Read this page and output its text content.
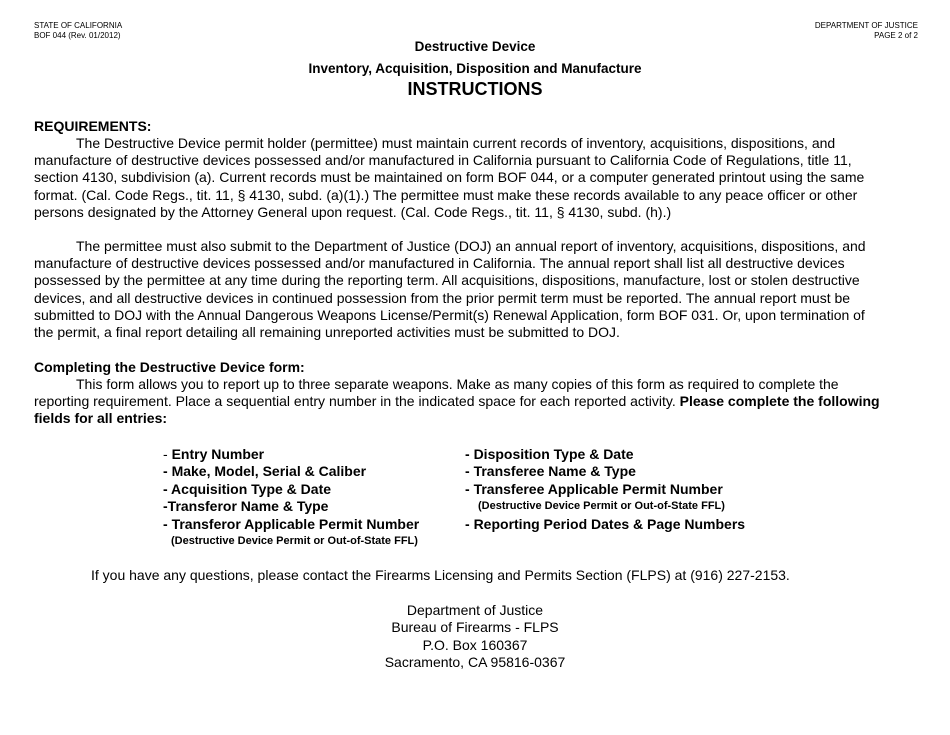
STATE OF CALIFORNIA
BOF 044 (Rev. 01/2012)
DEPARTMENT OF JUSTICE
PAGE 2 of 2
Destructive Device
Inventory, Acquisition, Disposition and Manufacture
INSTRUCTIONS
REQUIREMENTS:
The Destructive Device permit holder (permittee) must maintain current records of inventory, acquisitions, dispositions, and
manufacture of destructive devices possessed and/or manufactured in California pursuant to California Code of Regulations, title 11,
section 4130, subdivision (a). Current records must be maintained on form BOF 044, or a computer generated printout using the same
format. (Cal. Code Regs., tit. 11, § 4130, subd. (a)(1).) The permittee must make these records available to any peace officer or other
persons designated by the Attorney General upon request. (Cal. Code Regs., tit. 11, § 4130, subd. (h).)
The permittee must also submit to the Department of Justice (DOJ) an annual report of inventory, acquisitions, dispositions, and
manufacture of destructive devices possessed and/or manufactured in California. The annual report shall list all destructive devices
possessed by the permittee at any time during the reporting term. All acquisitions, dispositions, manufacture, lost or stolen destructive
devices, and all destructive devices in continued possession from the prior permit term must be reported. The annual report must be
submitted to DOJ with the Annual Dangerous Weapons License/Permit(s) Renewal Application, form BOF 031. Or, upon termination of
the permit, a final report detailing all remaining unreported activities must be submitted to DOJ.
Completing the Destructive Device form:
This form allows you to report up to three separate weapons. Make as many copies of this form as required to complete the
reporting requirement. Place a sequential entry number in the indicated space for each reported activity. Please complete the following
fields for all entries:
- Entry Number
- Make, Model, Serial & Caliber
- Acquisition Type & Date
-Transferor Name & Type
- Transferor Applicable Permit Number
(Destructive Device Permit or Out-of-State FFL)
- Disposition Type & Date
- Transferee Name & Type
- Transferee Applicable Permit Number
(Destructive Device Permit or Out-of-State FFL)
- Reporting Period Dates & Page Numbers
If you have any questions, please contact the Firearms Licensing and Permits Section (FLPS) at (916) 227-2153.
Department of Justice
Bureau of Firearms - FLPS
P.O. Box 160367
Sacramento, CA 95816-0367
